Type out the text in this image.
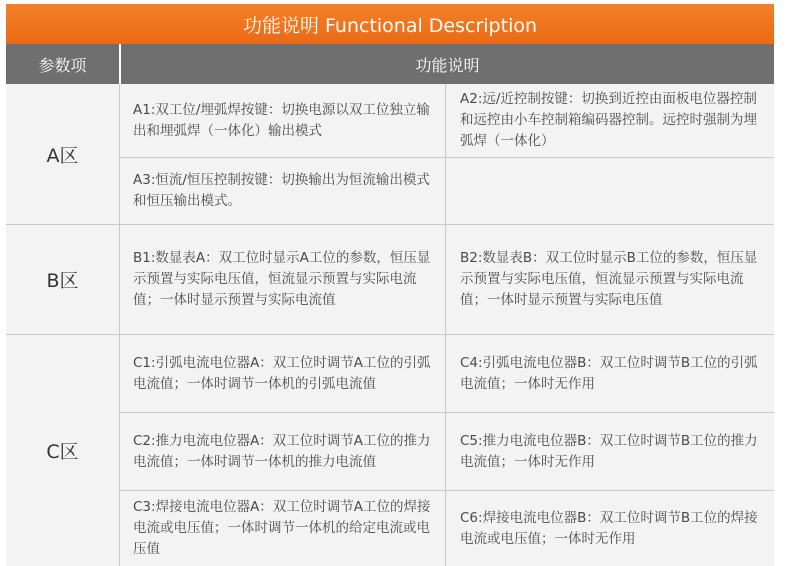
功能说明 Functional Description
参数项	功能说明
A区
B区
C区
A1:双工位/埋弧焊按键：切换电源以双工位独立输出和埋弧焊（一体化）输出模式
A2:远/近控制按键：切换到近控由面板电位器控制和远控由小车控制箱编码器控制。远控时强制为埋弧焊（一体化）
A3:恒流/恒压控制按键：切换输出为恒流输出模式和恒压输出模式。
B1:数显表A：双工位时显示A工位的参数，恒压显示预置与实际电压值，恒流显示预置与实际电流值；一体时显示预置与实际电流值
B2:数显表B：双工位时显示B工位的参数，恒压显示预置与实际电压值，恒流显示预置与实际电流值；一体时显示预置与实际电压值
C1:引弧电流电位器A：双工位时调节A工位的引弧电流值；一体时调节一体机的引弧电流值
C4:引弧电流电位器B：双工位时调节B工位的引弧电流值；一体时无作用
C2:推力电流电位器A：双工位时调节A工位的推力电流值；一体时调节一体机的推力电流值
C5:推力电流电位器B：双工位时调节B工位的推力电流值；一体时无作用
C3:焊接电流电位器A：双工位时调节A工位的焊接电流或电压值；一体时调节一体机的给定电流或电压值
C6:焊接电流电位器B：双工位时调节B工位的焊接电流或电压值；一体时无作用
